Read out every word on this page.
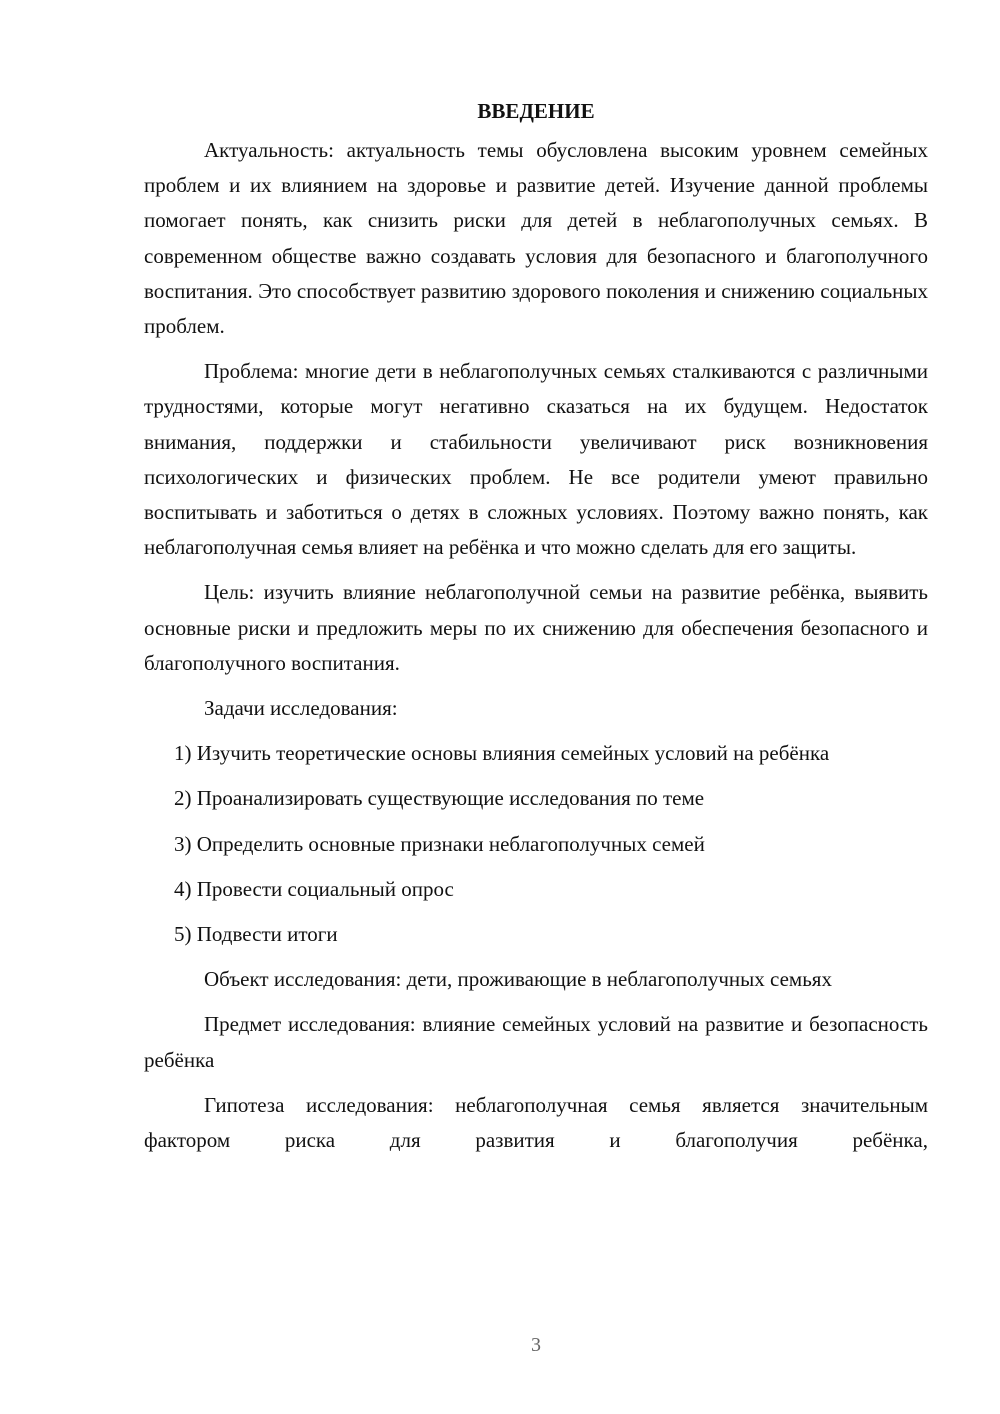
ВВЕДЕНИЕ

Актуальность: актуальность темы обусловлена высоким уровнем семейных проблем и их влиянием на здоровье и развитие детей. Изучение данной проблемы помогает понять, как снизить риски для детей в неблагополучных семьях. В современном обществе важно создавать условия для безопасного и благополучного воспитания. Это способствует развитию здорового поколения и снижению социальных проблем.

Проблема: многие дети в неблагополучных семьях сталкиваются с различными трудностями, которые могут негативно сказаться на их будущем. Недостаток внимания, поддержки и стабильности увеличивают риск возникновения психологических и физических проблем. Не все родители умеют правильно воспитывать и заботиться о детях в сложных условиях. Поэтому важно понять, как неблагополучная семья влияет на ребёнка и что можно сделать для его защиты.

Цель: изучить влияние неблагополучной семьи на развитие ребёнка, выявить основные риски и предложить меры по их снижению для обеспечения безопасного и благополучного воспитания.

Задачи исследования:

1) Изучить теоретические основы влияния семейных условий на ребёнка

2) Проанализировать существующие исследования по теме

3) Определить основные признаки неблагополучных семей

4) Провести социальный опрос

5) Подвести итоги

Объект исследования: дети, проживающие в неблагополучных семьях

Предмет исследования: влияние семейных условий на развитие и безопасность ребёнка

Гипотеза исследования: неблагополучная семья является значительным фактором риска для развития и благополучия ребёнка,

3
